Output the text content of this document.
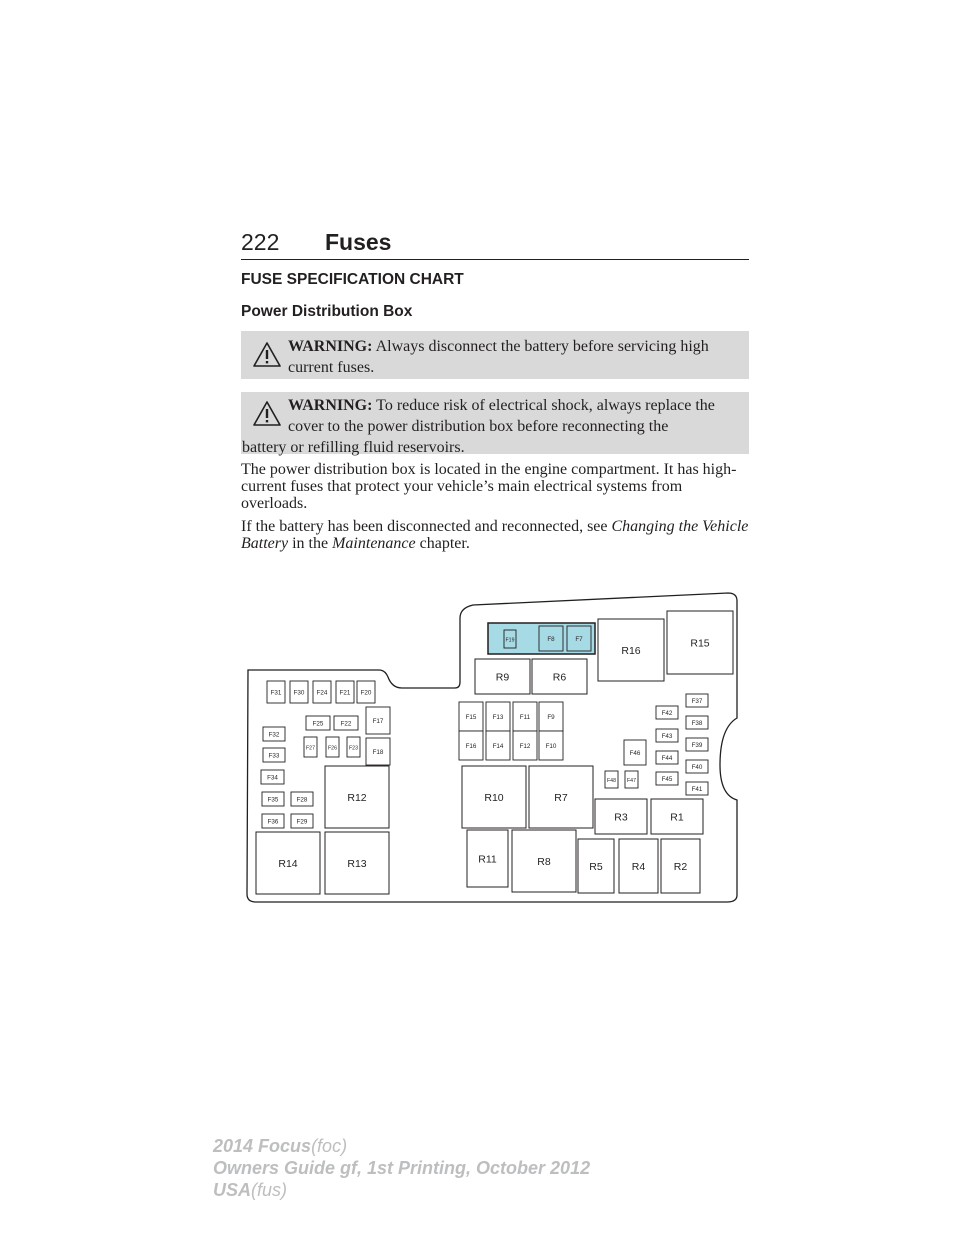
222 Fuses
FUSE SPECIFICATION CHART
Power Distribution Box
WARNING: Always disconnect the battery before servicing high current fuses.
WARNING: To reduce risk of electrical shock, always replace the cover to the power distribution box before reconnecting the
battery or refilling fluid reservoirs.
The power distribution box is located in the engine compartment. It has high-current fuses that protect your vehicle’s main electrical systems from overloads.
If the battery has been disconnected and reconnected, see Changing the Vehicle Battery in the Maintenance chapter.
F19	F8	F7
F31 F30 F24 F21 F20
F25	F22	F17
F32
F27	F26 F23
F18
F33
F34
F35	F28
F36	F29
F15	F13	F11	F9
F16	F14	F12 F10
F42
F37
F38
F43
F39
F46
F44
F40
F48 F47	F45
F41
R16
R15
R9	R6
R12	R10	R7
R3	R1
R14	R13	R11	R8	R5	R4	R2
2014 Focus(foc)
Owners Guide gf, 1st Printing, October 2012
USA(fus)
